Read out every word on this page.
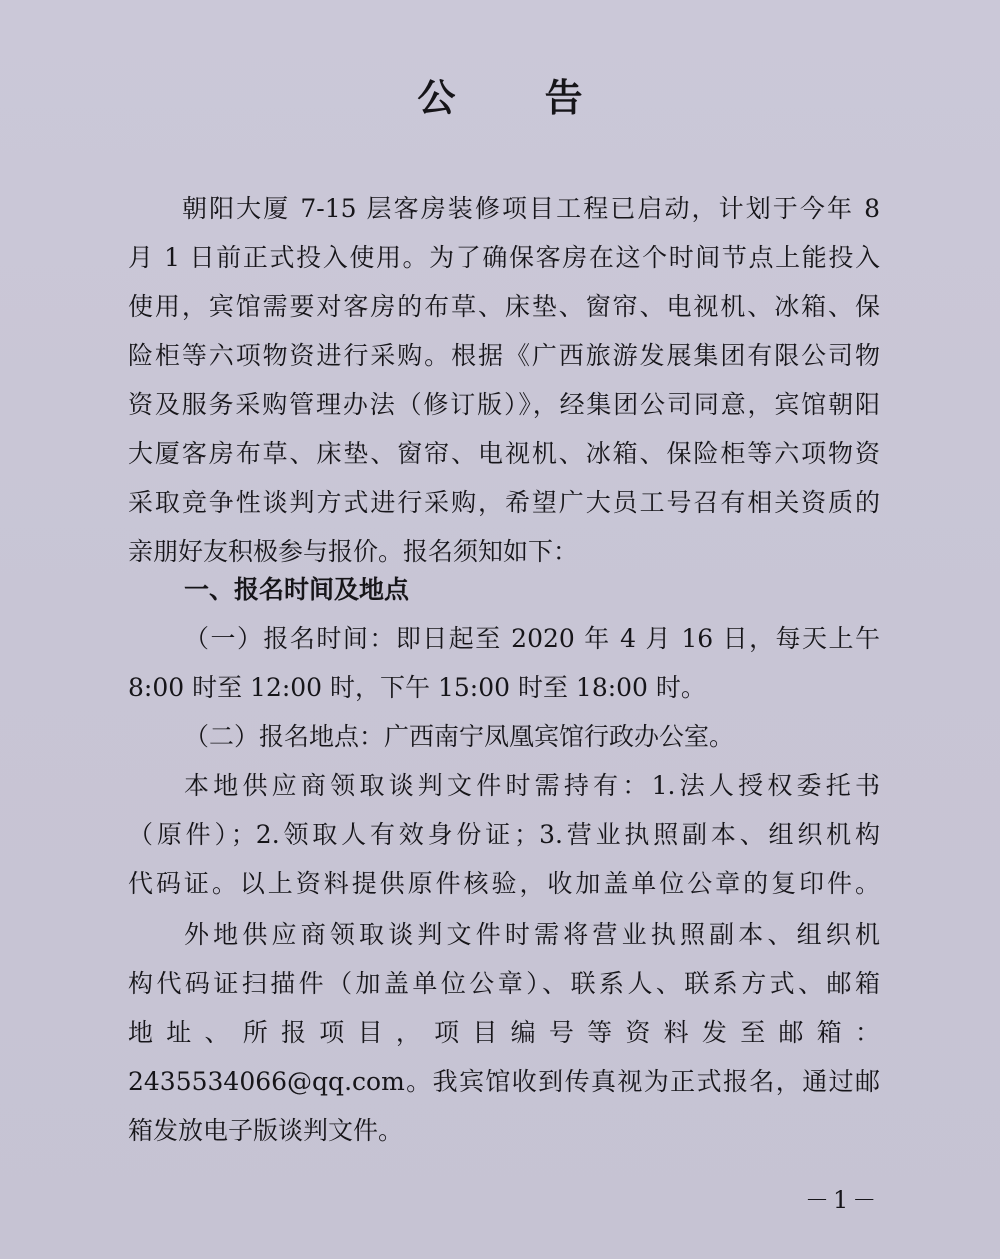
公 告
朝阳大厦 7-15 层客房装修项目工程已启动，计划于今年 8
月 1 日前正式投入使用。为了确保客房在这个时间节点上能投入
使用，宾馆需要对客房的布草、床垫、窗帘、电视机、冰箱、保
险柜等六项物资进行采购。根据《广西旅游发展集团有限公司物
资及服务采购管理办法（修订版）》，经集团公司同意，宾馆朝阳
大厦客房布草、床垫、窗帘、电视机、冰箱、保险柜等六项物资
采取竞争性谈判方式进行采购，希望广大员工号召有相关资质的
亲朋好友积极参与报价。报名须知如下：
一、报名时间及地点
（一）报名时间：即日起至 2020 年 4 月 16 日，每天上午
8:00 时至 12:00 时，下午 15:00 时至 18:00 时。
（二）报名地点：广西南宁凤凰宾馆行政办公室。
本地供应商领取谈判文件时需持有：1.法人授权委托书
（原件）；2.领取人有效身份证；3.营业执照副本、组织机构
代码证。以上资料提供原件核验，收加盖单位公章的复印件。
外地供应商领取谈判文件时需将营业执照副本、组织机
构代码证扫描件（加盖单位公章）、联系人、联系方式、邮箱
地址、所报项目，项目编号等资料发至邮箱：
2435534066@qq.com。我宾馆收到传真视为正式报名，通过邮
箱发放电子版谈判文件。
－1－
